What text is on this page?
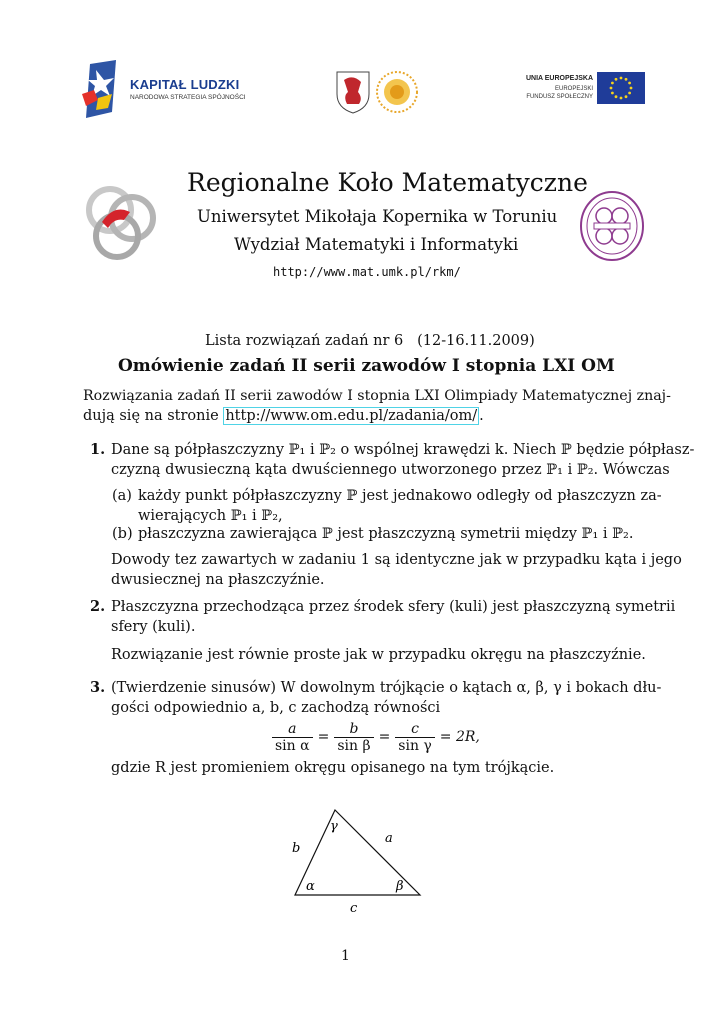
KAPITAŁ LUDZKI
NARODOWA STRATEGIA SPÓJNOŚCI
UNIA EUROPEJSKA
EUROPEJSKI
FUNDUSZ SPOŁECZNY
Regionalne Koło Matematyczne
Uniwersytet Mikołaja Kopernika w Toruniu
Wydział Matematyki i Informatyki
http://www.mat.umk.pl/rkm/
Lista rozwiązań zadań nr 6   (12-16.11.2009)
Omówienie zadań II serii zawodów I stopnia LXI OM

Rozwiązania zadań II serii zawodów I stopnia LXI Olimpiady Matematycznej znaj-

dują się na stronie http://www.om.edu.pl/zadania/om/ .

1. Dane są półpłaszczyzny ℙ₁ i ℙ₂ o wspólnej krawędzi k. Niech ℙ będzie półpłasz-

czyzną dwusieczną kąta dwuściennego utworzonego przez ℙ₁ i ℙ₂. Wówczas

(a) każdy punkt półpłaszczyzny ℙ jest jednakowo odległy od płaszczyzn za-

wierających ℙ₁ i ℙ₂,

(b) płaszczyzna zawierająca ℙ jest płaszczyzną symetrii między ℙ₁ i ℙ₂.

Dowody tez zawartych w zadaniu 1 są identyczne jak w przypadku kąta i jego

dwusiecznej na płaszczyźnie.

2. Płaszczyzna przechodząca przez środek sfery (kuli) jest płaszczyzną symetrii

sfery (kuli).

Rozwiązanie jest równie proste jak w przypadku okręgu na płaszczyźnie.

3. (Twierdzenie sinusów) W dowolnym trójkącie o kątach α, β, γ i bokach dłu-

gości odpowiednio a, b, c zachodzą równości

$\frac{a}{\text{sin α}} = \frac{b}{\text{sin β}} = \frac{c}{\text{sin γ}} = 2R$,

gdzie R jest promieniem okręgu opisanego na tym trójkącie.

γ
α	β
a
b
c
1
